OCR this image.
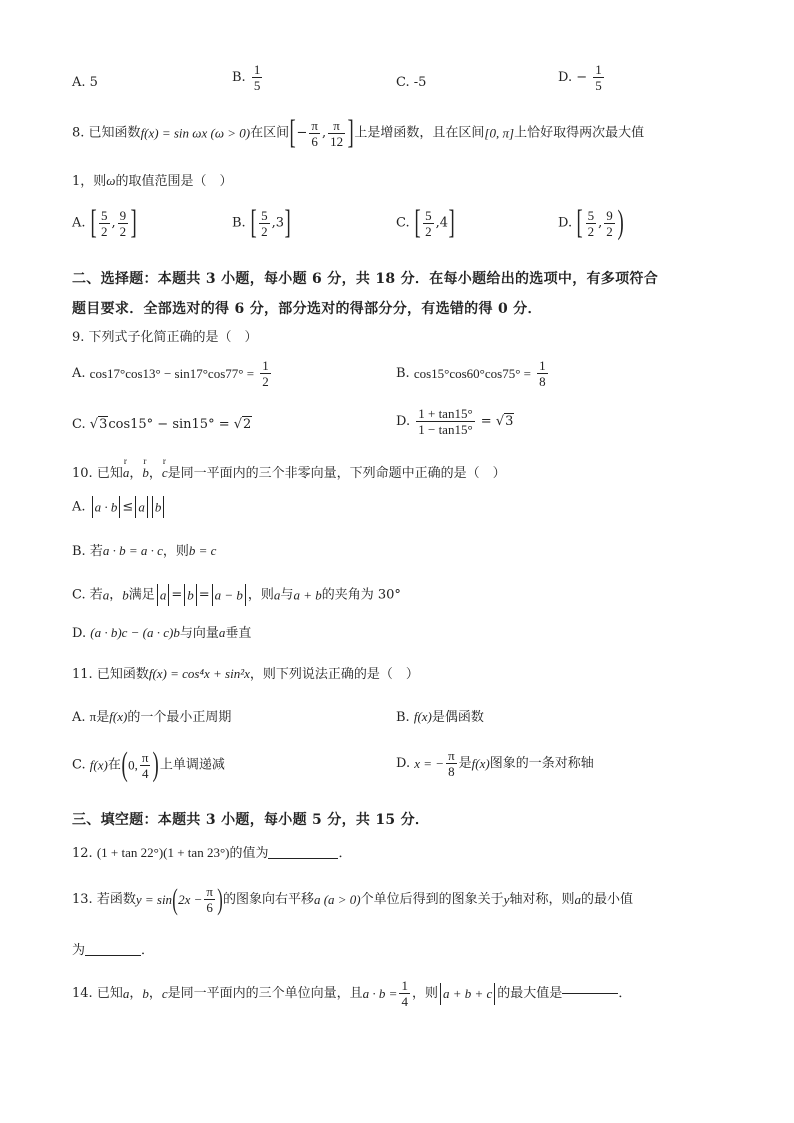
A. 5	B. $\frac{1}{5}$	C. -5	D. − $\frac{1}{5}$
8. 已知函数f(x) = sin ωx (ω > 0)在区间[− $\frac{\pi}{6}$ , $\frac{\pi}{12}$ ]上是增函数，且在区间[0, π]上恰好取得两次最大值
1，则ω的取值范围是（　）
A. [ $\frac{5}{2}$ , $\frac{9}{2}$ ]	B. [ $\frac{5}{2} ,3$]	C. [ $\frac{5}{2} ,4$]	D. [ $\frac{5}{2}$ , $\frac{9}{2}$ )
二、选择题：本题共 3 小题，每小题 6 分，共 18 分．在每小题给出的选项中，有多项符合
题目要求．全部选对的得 6 分，部分选对的得部分分，有选错的得 0 分．
9. 下列式子化简正确的是（　）
A. $\cos 17^\circ\cos 13^\circ - \sin 17^\circ\cos 77^\circ = \frac{1}{2}$	B. $\cos 15^\circ\cos 60^\circ\cos 75^\circ = \frac{1}{8}$
C. √3cos15° − sin15° = √2	D. $\frac{1 + \tan 15^\circ}{1 - \tan 15^\circ} = √3$
10. 已知r a，r b，r c是同一平面内的三个非零向量，下列命题中正确的是（　）
A. a · b ≤ a b
B. 若a · b = a · c，则b = c
C. 若a，b满足 a = b = a − b ，则a与a + b的夹角为 30°
D. (a · b)c − (a · c)b与向量a垂直
11. 已知函数f(x) = cos⁴x + sin²x，则下列说法正确的是（　）
A. π是f(x)的一个最小正周期	B. f(x)是偶函数
C. f(x)在(0, $\frac{\pi}{4}$ )上单调递减	D. x = − $\frac{\pi}{8}$ 是f(x)图象的一条对称轴
三、填空题：本题共 3 小题，每小题 5 分，共 15 分．
12. (1 + tan 22°)(1 + tan 23°)的值为	．
13. 若函数$y = \sin(2x - \frac{\pi}{6}$ )的图象向右平移a (a > 0)个单位后得到的图象关于y轴对称，则a的最小值
为	．
14. 已知a，b，c是同一平面内的三个单位向量，且$a \cdot b = \frac{1}{4}$ ，则 a + b + c 的最大值是	．
